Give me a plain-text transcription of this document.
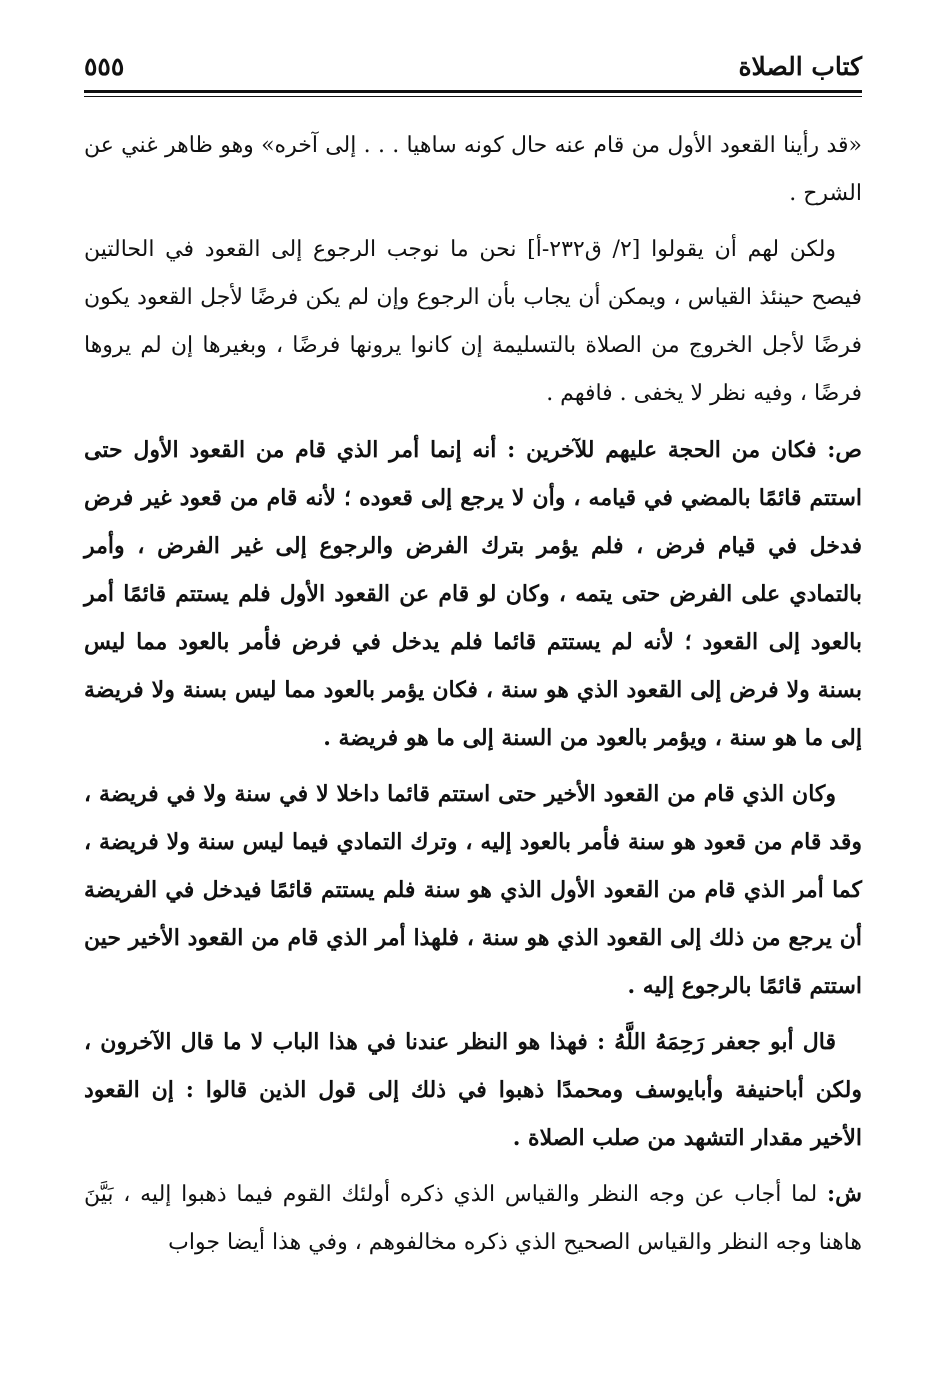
كتاب الصلاة
٥٥٥

«قد رأينا القعود الأول من قام عنه حال كونه ساهيا . . . إلى آخره» وهو ظاهر غني عن الشرح .

ولكن لهم أن يقولوا [٢/ ق٢٣٢-أ] نحن ما نوجب الرجوع إلى القعود في الحالتين فيصح حينئذ القياس ، ويمكن أن يجاب بأن الرجوع وإن لم يكن فرضًا لأجل القعود يكون فرضًا لأجل الخروج من الصلاة بالتسليمة إن كانوا يرونها فرضًا ، وبغيرها إن لم يروها فرضًا ، وفيه نظر لا يخفى . فافهم .

ص: فكان من الحجة عليهم للآخرين : أنه إنما أمر الذي قام من القعود الأول حتى استتم قائمًا بالمضي في قيامه ، وأن لا يرجع إلى قعوده ؛ لأنه قام من قعود غير فرض فدخل في قيام فرض ، فلم يؤمر بترك الفرض والرجوع إلى غير الفرض ، وأمر بالتمادي على الفرض حتى يتمه ، وكان لو قام عن القعود الأول فلم يستتم قائمًا أمر بالعود إلى القعود ؛ لأنه لم يستتم قائما فلم يدخل في فرض فأمر بالعود مما ليس بسنة ولا فرض إلى القعود الذي هو سنة ، فكان يؤمر بالعود مما ليس بسنة ولا فريضة إلى ما هو سنة ، ويؤمر بالعود من السنة إلى ما هو فريضة .

وكان الذي قام من القعود الأخير حتى استتم قائما داخلا لا في سنة ولا في فريضة ، وقد قام من قعود هو سنة فأمر بالعود إليه ، وترك التمادي فيما ليس سنة ولا فريضة ، كما أمر الذي قام من القعود الأول الذي هو سنة فلم يستتم قائمًا فيدخل في الفريضة أن يرجع من ذلك إلى القعود الذي هو سنة ، فلهذا أمر الذي قام من القعود الأخير حين استتم قائمًا بالرجوع إليه .

قال أبو جعفر رَحِمَهُ اللَّهُ : فهذا هو النظر عندنا في هذا الباب لا ما قال الآخرون ، ولكن أباحنيفة وأبايوسف ومحمدًا ذهبوا في ذلك إلى قول الذين قالوا : إن القعود الأخير مقدار التشهد من صلب الصلاة .

ش: لما أجاب عن وجه النظر والقياس الذي ذكره أولئك القوم فيما ذهبوا إليه ، بَيَّنَ هاهنا وجه النظر والقياس الصحيح الذي ذكره مخالفوهم ، وفي هذا أيضا جواب
